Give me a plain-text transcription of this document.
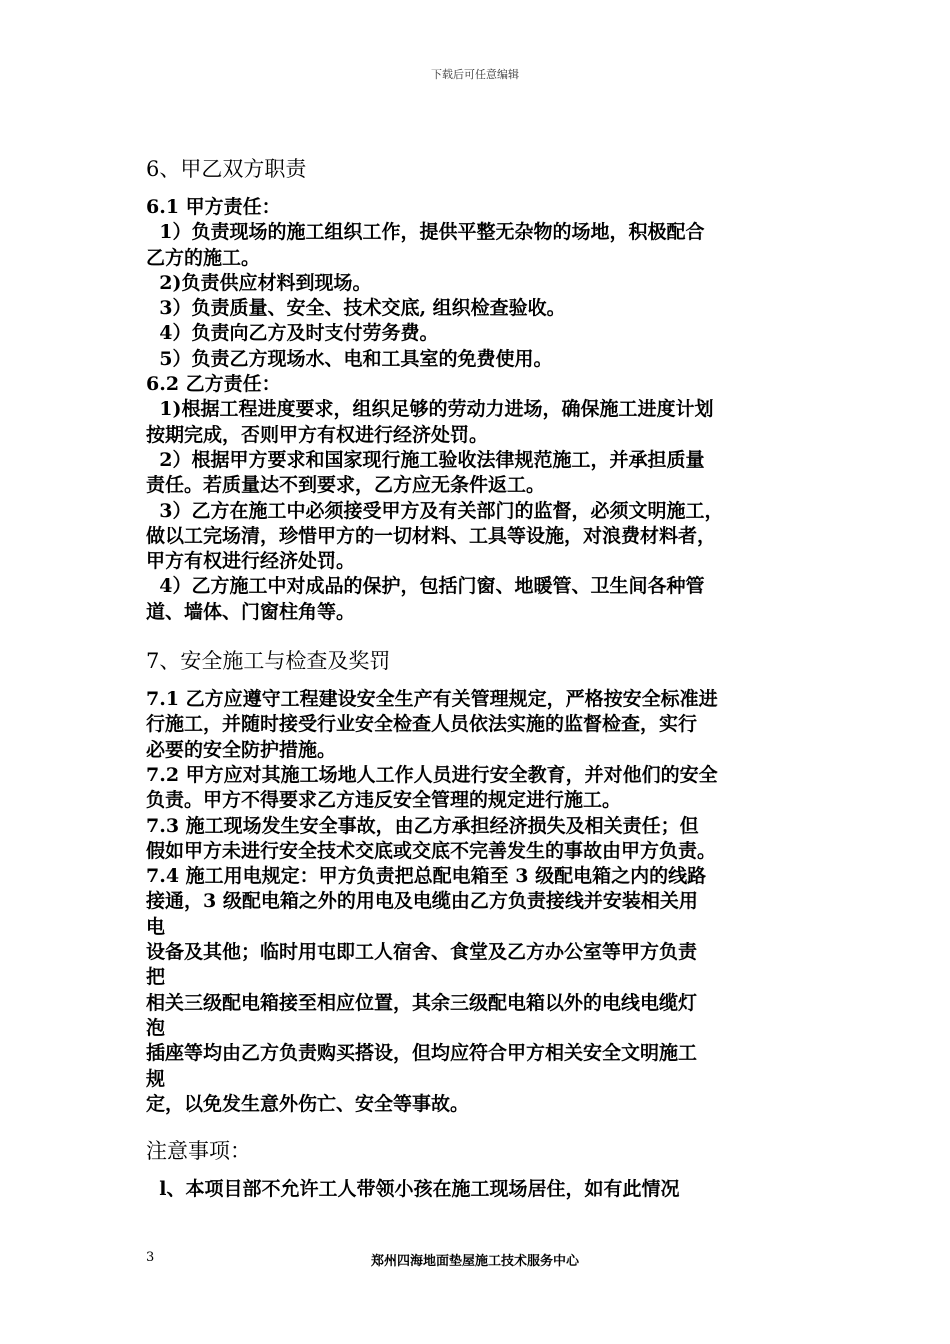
下载后可任意编辑
6、甲乙双方职责
6.1 甲方责任：
1）负责现场的施工组织工作，提供平整无杂物的场地，积极配合
乙方的施工。
2)负责供应材料到现场。
3）负责质量、安全、技术交底, 组织检查验收。
4）负责向乙方及时支付劳务费。
5）负责乙方现场水、电和工具室的免费使用。
6.2 乙方责任：
1)根据工程进度要求，组织足够的劳动力进场，确保施工进度计划
按期完成，否则甲方有权进行经济处罚。
2）根据甲方要求和国家现行施工验收法律规范施工，并承担质量
责任。若质量达不到要求，乙方应无条件返工。
3）乙方在施工中必须接受甲方及有关部门的监督，必须文明施工，
做以工完场清，珍惜甲方的一切材料、工具等设施，对浪费材料者，
甲方有权进行经济处罚。
4）乙方施工中对成品的保护，包括门窗、地暖管、卫生间各种管
道、墙体、门窗柱角等。
7、安全施工与检查及奖罚
7.1 乙方应遵守工程建设安全生产有关管理规定，严格按安全标准进
行施工，并随时接受行业安全检查人员依法实施的监督检查，实行
必要的安全防护措施。
7.2 甲方应对其施工场地人工作人员进行安全教育，并对他们的安全
负责。甲方不得要求乙方违反安全管理的规定进行施工。
7.3 施工现场发生安全事故，由乙方承担经济损失及相关责任；但
假如甲方未进行安全技术交底或交底不完善发生的事故由甲方负责。
7.4 施工用电规定：甲方负责把总配电箱至 3 级配电箱之内的线路
接通，3 级配电箱之外的用电及电缆由乙方负责接线并安装相关用
电
设备及其他；临时用屯即工人宿舍、食堂及乙方办公室等甲方负责
把
相关三级配电箱接至相应位置，其余三级配电箱以外的电线电缆灯
泡
插座等均由乙方负责购买搭设，但均应符合甲方相关安全文明施工
规
定，以免发生意外伤亡、安全等事故。
注意事项：
l、本项目部不允许工人带领小孩在施工现场居住，如有此情况
3	郑州四海地面垫屋施工技术服务中心
